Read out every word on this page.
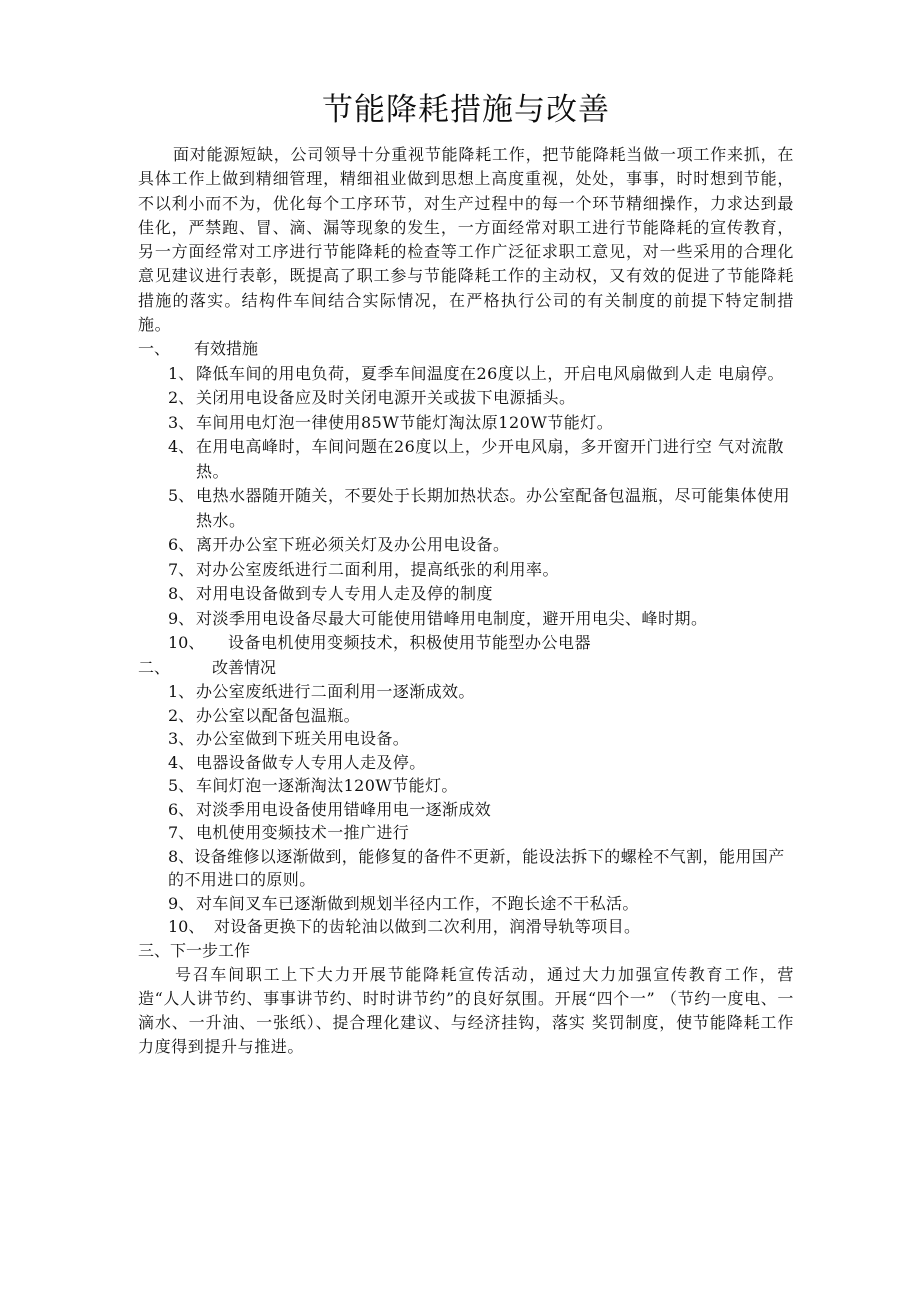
节能降耗措施与改善

面对能源短缺，公司领导十分重视节能降耗工作，把节能降耗当做一项工作来抓，在具体工作上做到精细管理，精细祖业做到思想上高度重视，处处，事事，时时想到节能，不以利小而不为，优化每个工序环节，对生产过程中的每一个环节精细操作，力求达到最佳化，严禁跑、冒、滴、漏等现象的发生，一方面经常对职工进行节能降耗的宣传教育，另一方面经常对工序进行节能降耗的检查等工作广泛征求职工意见，对一些采用的合理化意见建议进行表彰，既提高了职工参与节能降耗工作的主动权，又有效的促进了节能降耗措施的落实。结构件车间结合实际情况，在严格执行公司的有关制度的前提下特定制措施。

一、	有效措施
1、 降低车间的用电负荷，夏季车间温度在26度以上，开启电风扇做到人走 电扇停。
2、 关闭用电设备应及时关闭电源开关或拔下电源插头。
3、 车间用电灯泡一律使用85W节能灯淘汰原120W节能灯。
4、 在用电高峰时，车间问题在26度以上，少开电风扇，多开窗开门进行空 气对流散热。
5、 电热水器随开随关，不要处于长期加热状态。办公室配备包温瓶，尽可能集体使用热水。
6、 离开办公室下班必须关灯及办公用电设备。
7、 对办公室废纸进行二面利用，提高纸张的利用率。
8、 对用电设备做到专人专用人走及停的制度
9、 对淡季用电设备尽最大可能使用错峰用电制度，避开用电尖、峰时期。
10、	设备电机使用变频技术，积极使用节能型办公电器
二、	改善情况
1、 办公室废纸进行二面利用一逐渐成效。
2、 办公室以配备包温瓶。
3、 办公室做到下班关用电设备。
4、 电器设备做专人专用人走及停。
5、 车间灯泡一逐渐淘汰120W节能灯。
6、 对淡季用电设备使用错峰用电一逐渐成效
7、 电机使用变频技术一推广进行
8、设备维修以逐渐做到，能修复的备件不更新，能设法拆下的螺栓不气割，能用国产的不用进口的原则。
9、 对车间叉车已逐渐做到规划半径内工作，不跑长途不干私活。
10、 对设备更换下的齿轮油以做到二次利用，润滑导轨等项目。
三、下一步工作

号召车间职工上下大力开展节能降耗宣传活动，通过大力加强宣传教育工作，营造“人人讲节约、事事讲节约、时时讲节约”的良好氛围。开展“四个一” （节约一度电、一滴水、一升油、一张纸）、提合理化建议、与经济挂钩，落实 奖罚制度，使节能降耗工作力度得到提升与推进。
